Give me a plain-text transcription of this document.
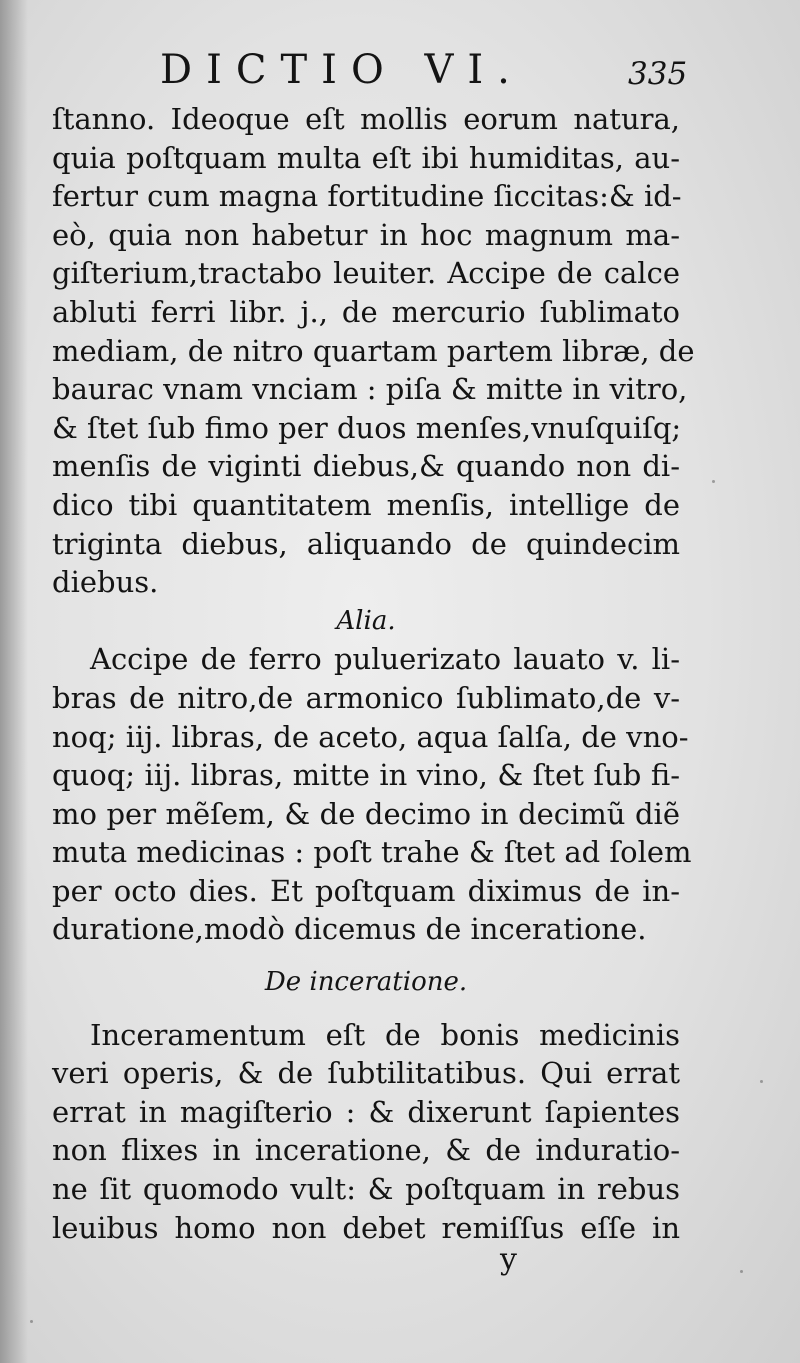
DICTIO VI.	335
ſtanno. Ideoque eſt mollis eorum natura,
quia poſtquam multa eſt ibi humiditas, au-
fertur cum magna fortitudine ſiccitas:& id-
eò, quia non habetur in hoc magnum ma-
giſterium,tractabo leuiter. Accipe de calce
abluti ferri libr. j., de mercurio ſublimato
mediam, de nitro quartam partem libræ, de
baurac vnam vnciam : piſa & mitte in vitro,
& ſtet ſub fimo per duos menſes,vnuſquiſq;
menſis de viginti diebus,& quando non di-
dico tibi quantitatem menſis, intellige de
triginta diebus, aliquando de quindecim
diebus.
Alia.
Accipe de ferro puluerizato lauato v. li-
bras de nitro,de armonico ſublimato,de v-
noq; iij. libras, de aceto, aqua ſalſa, de vno-
quoq; iij. libras, mitte in vino, & ſtet ſub fi-
mo per mẽſem, & de decimo in decimũ diẽ
muta medicinas : poſt trahe & ſtet ad ſolem
per octo dies. Et poſtquam diximus de in-
duratione,modò dicemus de inceratione.
De inceratione.
Inceramentum eſt de bonis medicinis
veri operis, & de ſubtilitatibus. Qui errat
errat in magiſterio : & dixerunt ſapientes
non flixes in inceratione, & de induratio-
ne ſit quomodo vult: & poſtquam in rebus
leuibus homo non debet remiſſus eſſe in
y
